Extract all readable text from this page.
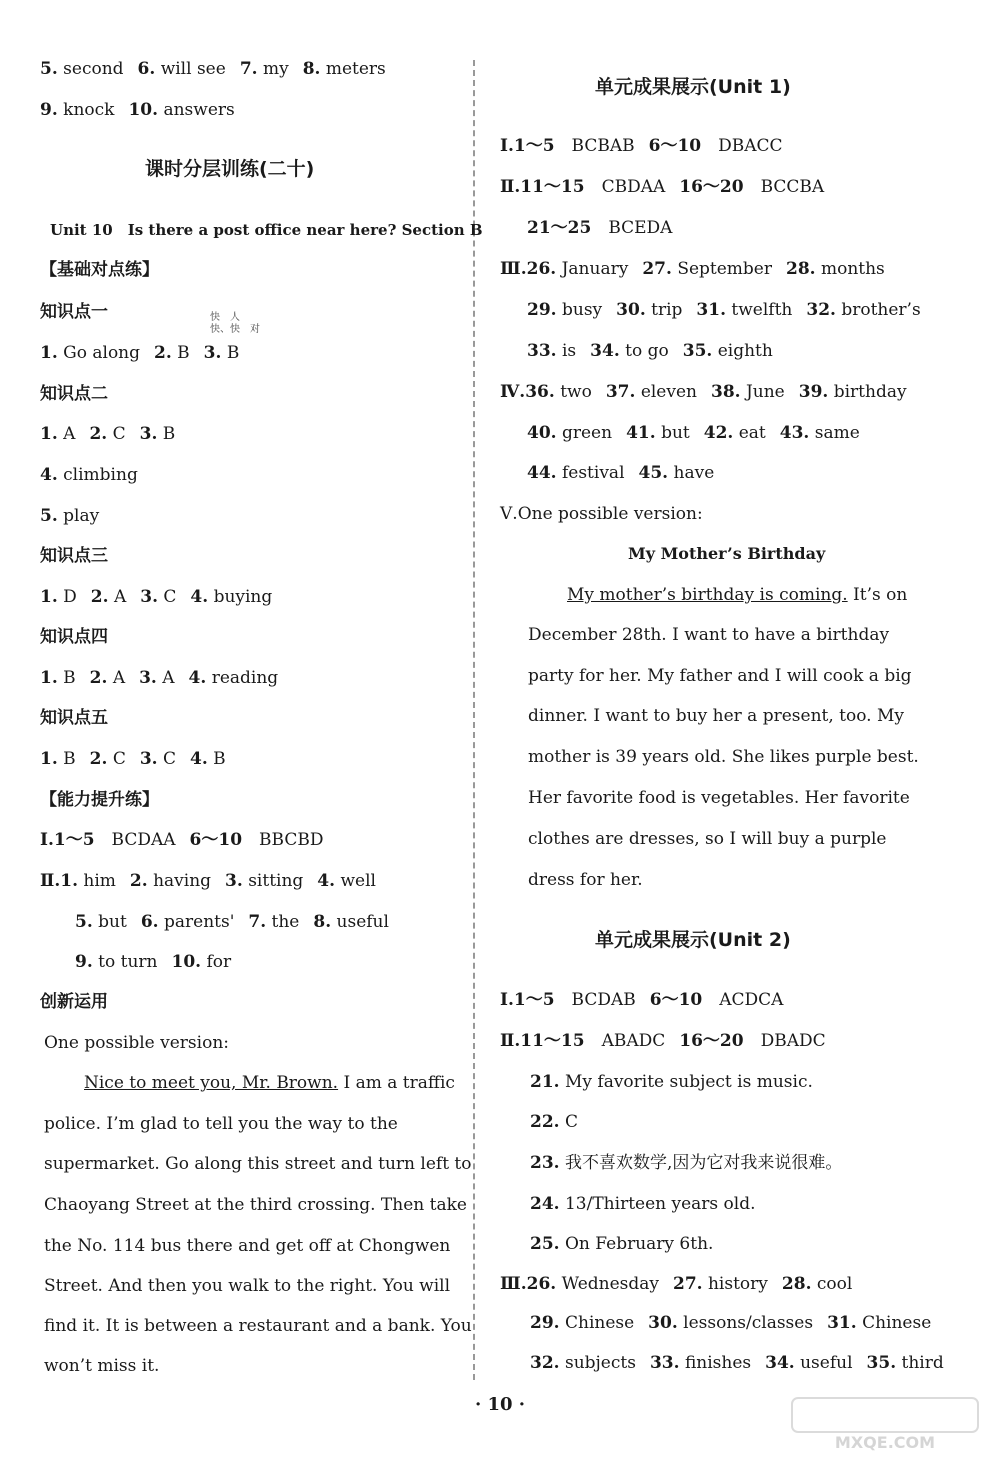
5. second 6. will see 7. my 8. meters
9. knock 10. answers
课时分层训练(二十)
Unit 10　Is there a post office near here? Section B
【基础对点练】
知识点一	快　人
快、快　对
1. Go along 2. B 3. B
知识点二
1. A 2. C 3. B
4. climbing
5. play
知识点三
1. D 2. A 3. C 4. buying
知识点四
1. B 2. A 3. A 4. reading
知识点五
1. B 2. C 3. C 4. B
【能力提升练】
Ⅰ.1～5　 BCDAA 6～10　 BBCBD
Ⅱ.1. him 2. having 3. sitting 4. well
5. but 6. parents' 7. the 8. useful
9. to turn 10. for
创新运用
One possible version:
Nice to meet you, Mr. Brown. I am a traffic
police. I’m glad to tell you the way to the
supermarket. Go along this street and turn left to
Chaoyang Street at the third crossing. Then take
the No. 114 bus there and get off at Chongwen
Street. And then you walk to the right. You will
find it. It is between a restaurant and a bank. You
won’t miss it.
单元成果展示(Unit 1)
Ⅰ.1～5　 BCBAB 6～10　 DBACC
Ⅱ.11～15　 CBDAA 16～20　 BCCBA
21～25　 BCEDA
Ⅲ.26. January 27. September 28. months
29. busy 30. trip 31. twelfth 32. brother’s
33. is 34. to go 35. eighth
Ⅳ.36. two 37. eleven 38. June 39. birthday
40. green 41. but 42. eat 43. same
44. festival 45. have
Ⅴ.One possible version:
My Mother’s Birthday
My mother’s birthday is coming. It’s on
December 28th. I want to have a birthday
party for her. My father and I will cook a big
dinner. I want to buy her a present, too. My
mother is 39 years old. She likes purple best.
Her favorite food is vegetables. Her favorite
clothes are dresses, so I will buy a purple
dress for her.
单元成果展示(Unit 2)
Ⅰ.1～5　 BCDAB 6～10　 ACDCA
Ⅱ.11～15　 ABADC 16～20　 DBADC
21. My favorite subject is music.
22. C
23. 我不喜欢数学,因为它对我来说很难。
24. 13/Thirteen years old.
25. On February 6th.
Ⅲ.26. Wednesday 27. history 28. cool
29. Chinese 30. lessons/classes 31. Chinese
32. subjects 33. finishes 34. useful 35. third
· 10 ·
MXQE.COM
